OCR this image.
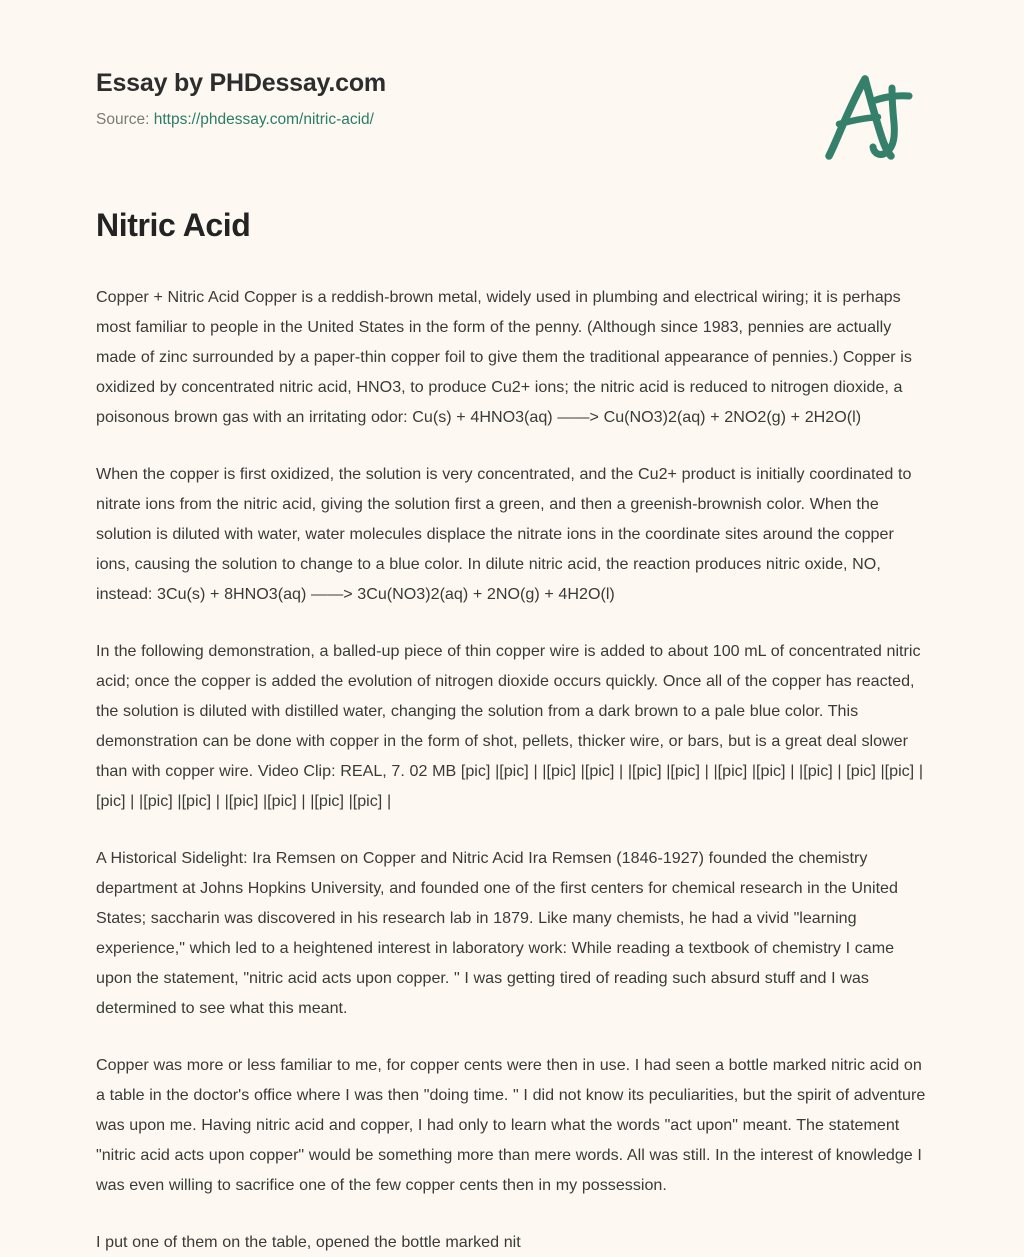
Essay by PHDessay.com
Source: https://phdessay.com/nitric-acid/
Nitric Acid

Copper + Nitric Acid Copper is a reddish-brown metal, widely used in plumbing and electrical wiring; it is perhaps most familiar to people in the United States in the form of the penny. (Although since 1983, pennies are actually made of zinc surrounded by a paper-thin copper foil to give them the traditional appearance of pennies.) Copper is oxidized by concentrated nitric acid, HNO3, to produce Cu2+ ions; the nitric acid is reduced to nitrogen dioxide, a poisonous brown gas with an irritating odor: Cu(s) + 4HNO3(aq) ——> Cu(NO3)2(aq) + 2NO2(g) + 2H2O(l)

When the copper is first oxidized, the solution is very concentrated, and the Cu2+ product is initially coordinated to nitrate ions from the nitric acid, giving the solution first a green, and then a greenish-brownish color. When the solution is diluted with water, water molecules displace the nitrate ions in the coordinate sites around the copper ions, causing the solution to change to a blue color. In dilute nitric acid, the reaction produces nitric oxide, NO, instead: 3Cu(s) + 8HNO3(aq) ——> 3Cu(NO3)2(aq) + 2NO(g) + 4H2O(l)

In the following demonstration, a balled-up piece of thin copper wire is added to about 100 mL of concentrated nitric acid; once the copper is added the evolution of nitrogen dioxide occurs quickly. Once all of the copper has reacted, the solution is diluted with distilled water, changing the solution from a dark brown to a pale blue color. This demonstration can be done with copper in the form of shot, pellets, thicker wire, or bars, but is a great deal slower than with copper wire. Video Clip: REAL, 7. 02 MB [pic] |[pic] | |[pic] |[pic] | |[pic] |[pic] | |[pic] |[pic] | |[pic] | [pic] |[pic] |[pic] | |[pic] |[pic] | |[pic] |[pic] | |[pic] |[pic] |

A Historical Sidelight: Ira Remsen on Copper and Nitric Acid Ira Remsen (1846-1927) founded the chemistry department at Johns Hopkins University, and founded one of the first centers for chemical research in the United States; saccharin was discovered in his research lab in 1879. Like many chemists, he had a vivid "learning experience," which led to a heightened interest in laboratory work: While reading a textbook of chemistry I came upon the statement, "nitric acid acts upon copper. " I was getting tired of reading such absurd stuff and I was determined to see what this meant.

Copper was more or less familiar to me, for copper cents were then in use. I had seen a bottle marked nitric acid on a table in the doctor's office where I was then "doing time. " I did not know its peculiarities, but the spirit of adventure was upon me. Having nitric acid and copper, I had only to learn what the words "act upon" meant. The statement "nitric acid acts upon copper" would be something more than mere words. All was still. In the interest of knowledge I was even willing to sacrifice one of the few copper cents then in my possession.

I put one of them on the table, opened the bottle marked nit
